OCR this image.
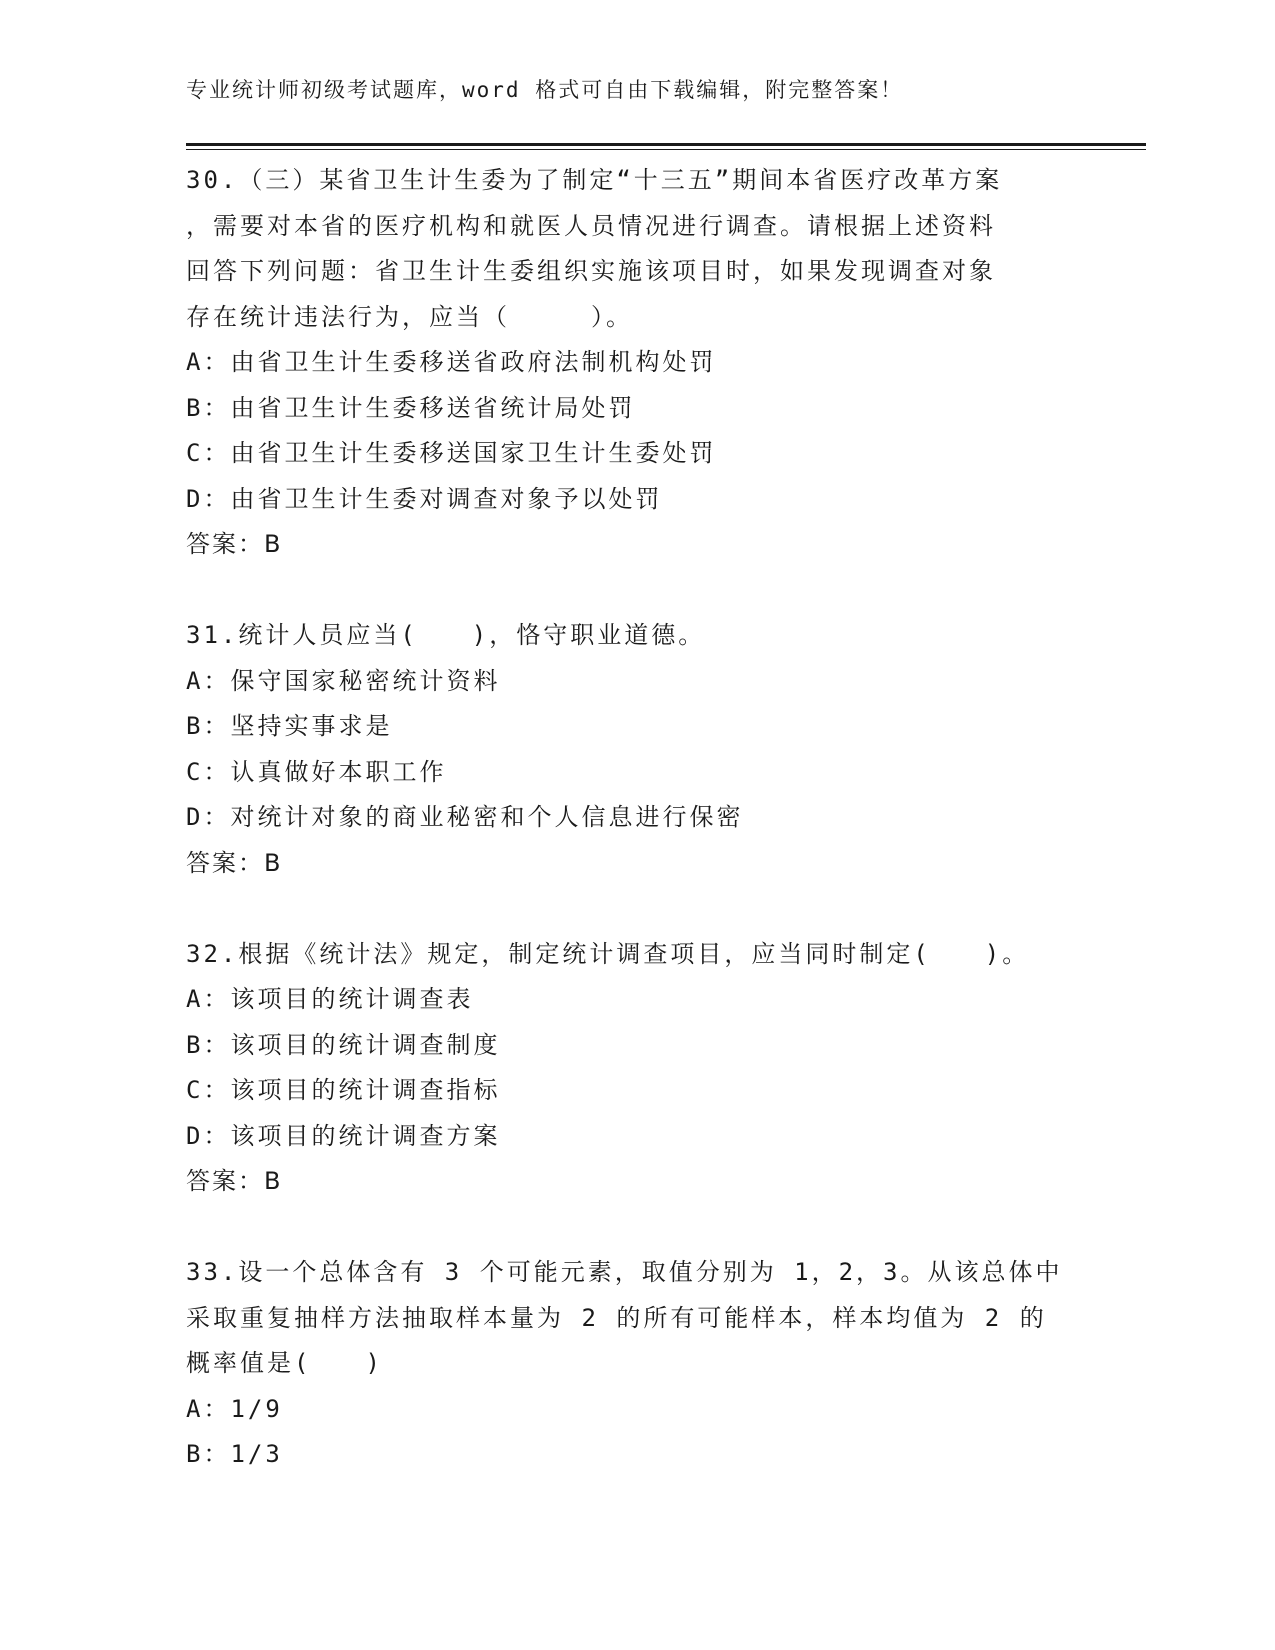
专业统计师初级考试题库，word 格式可自由下载编辑，附完整答案！
30.（三）某省卫生计生委为了制定“十三五”期间本省医疗改革方案
，需要对本省的医疗机构和就医人员情况进行调查。请根据上述资料
回答下列问题：省卫生计生委组织实施该项目时，如果发现调查对象
存在统计违法行为，应当（　　　）。
A：由省卫生计生委移送省政府法制机构处罚
B：由省卫生计生委移送省统计局处罚
C：由省卫生计生委移送国家卫生计生委处罚
D：由省卫生计生委对调查对象予以处罚
答案：B
31.统计人员应当(　　)，恪守职业道德。
A：保守国家秘密统计资料
B：坚持实事求是
C：认真做好本职工作
D：对统计对象的商业秘密和个人信息进行保密
答案：B
32.根据《统计法》规定，制定统计调查项目，应当同时制定(　　)。
A：该项目的统计调查表
B：该项目的统计调查制度
C：该项目的统计调查指标
D：该项目的统计调查方案
答案：B
33.设一个总体含有 3 个可能元素，取值分别为 1，2，3。从该总体中
采取重复抽样方法抽取样本量为 2 的所有可能样本，样本均值为 2 的
概率值是(　　)
A：1/9
B：1/3
